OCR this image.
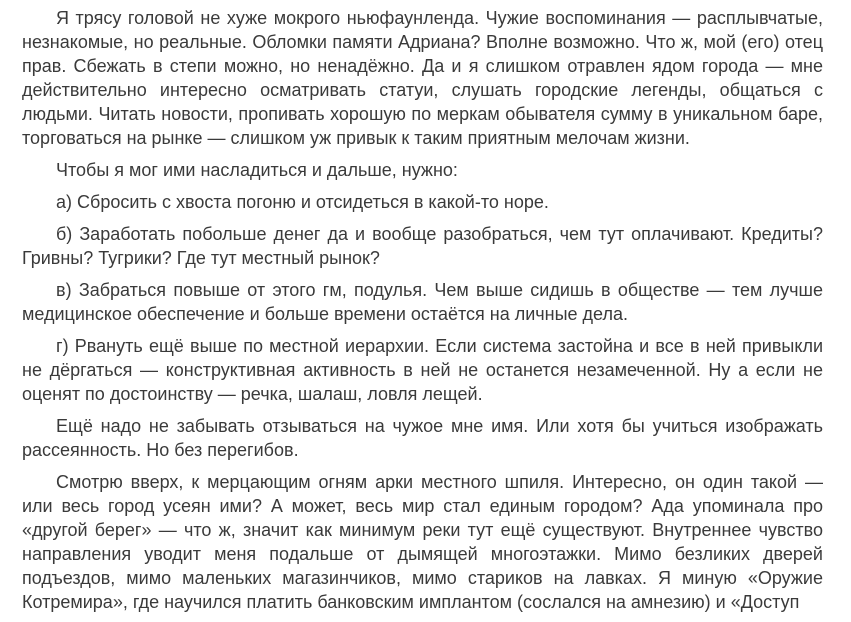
Я трясу головой не хуже мокрого ньюфаунленда. Чужие воспоминания — расплывчатые, незнакомые, но реальные. Обломки памяти Адриана? Вполне возможно. Что ж, мой (его) отец прав. Сбежать в степи можно, но ненадёжно. Да и я слишком отравлен ядом города — мне действительно интересно осматривать статуи, слушать городские легенды, общаться с людьми. Читать новости, пропивать хорошую по меркам обывателя сумму в уникальном баре, торговаться на рынке — слишком уж привык к таким приятным мелочам жизни.

Чтобы я мог ими насладиться и дальше, нужно:

а) Сбросить с хвоста погоню и отсидеться в какой-то норе.

б) Заработать побольше денег да и вообще разобраться, чем тут оплачивают. Кредиты? Гривны? Тугрики? Где тут местный рынок?

в) Забраться повыше от этого гм, подулья. Чем выше сидишь в обществе — тем лучше медицинское обеспечение и больше времени остаётся на личные дела.

г) Рвануть ещё выше по местной иерархии. Если система застойна и все в ней привыкли не дёргаться — конструктивная активность в ней не останется незамеченной. Ну а если не оценят по достоинству — речка, шалаш, ловля лещей.

Ещё надо не забывать отзываться на чужое мне имя. Или хотя бы учиться изображать рассеянность. Но без перегибов.

Смотрю вверх, к мерцающим огням арки местного шпиля. Интересно, он один такой — или весь город усеян ими? А может, весь мир стал единым городом? Ада упоминала про «другой берег» — что ж, значит как минимум реки тут ещё существуют. Внутреннее чувство направления уводит меня подальше от дымящей многоэтажки. Мимо безликих дверей подъездов, мимо маленьких магазинчиков, мимо стариков на лавках. Я миную «Оружие Котремира», где научился платить банковским имплантом (сослался на амнезию) и «Доступ
